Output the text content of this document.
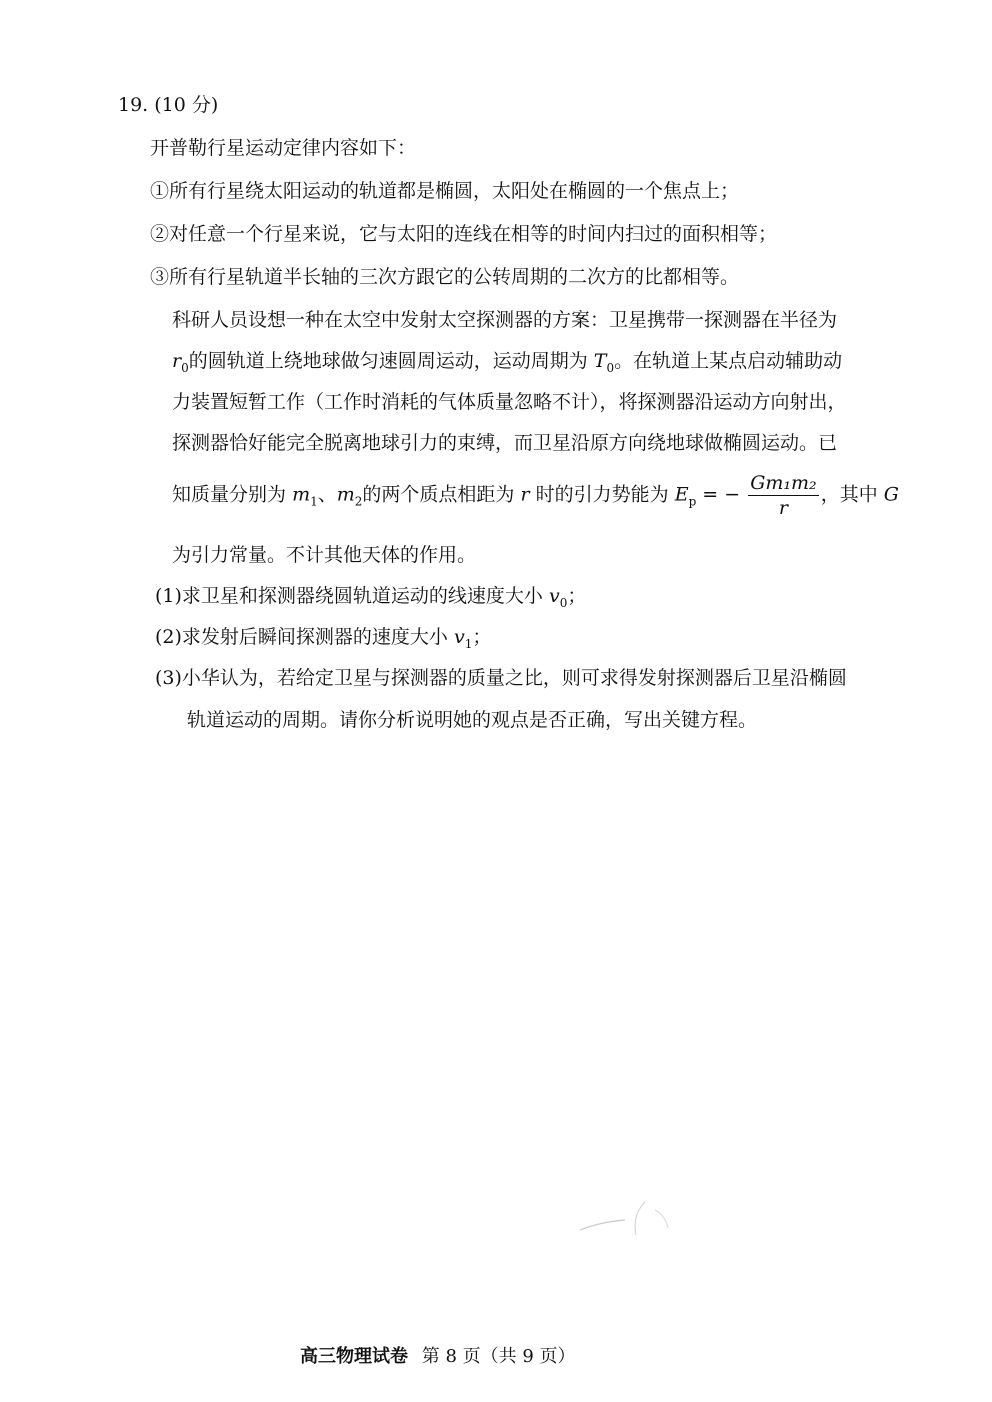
19. (10 分)
开普勒行星运动定律内容如下：
①所有行星绕太阳运动的轨道都是椭圆，太阳处在椭圆的一个焦点上；
②对任意一个行星来说，它与太阳的连线在相等的时间内扫过的面积相等；
③所有行星轨道半长轴的三次方跟它的公转周期的二次方的比都相等。
科研人员设想一种在太空中发射太空探测器的方案：卫星携带一探测器在半径为
$r_0$的圆轨道上绕地球做匀速圆周运动，运动周期为 $T_0$。在轨道上某点启动辅助动
力装置短暂工作（工作时消耗的气体质量忽略不计），将探测器沿运动方向射出，
探测器恰好能完全脱离地球引力的束缚，而卫星沿原方向绕地球做椭圆运动。已
知质量分别为 $m_1$、$m_2$的两个质点相距为 r 时的引力势能为 $E_p$ = − $\frac{\text{Gm₁m₂}}{r}$ ，其中 G
为引力常量。不计其他天体的作用。
(1)求卫星和探测器绕圆轨道运动的线速度大小 $v_0$；
(2)求发射后瞬间探测器的速度大小 $v_1$；
(3)小华认为，若给定卫星与探测器的质量之比，则可求得发射探测器后卫星沿椭圆
轨道运动的周期。请你分析说明她的观点是否正确，写出关键方程。
高三物理试卷 第 8 页（共 9 页）
